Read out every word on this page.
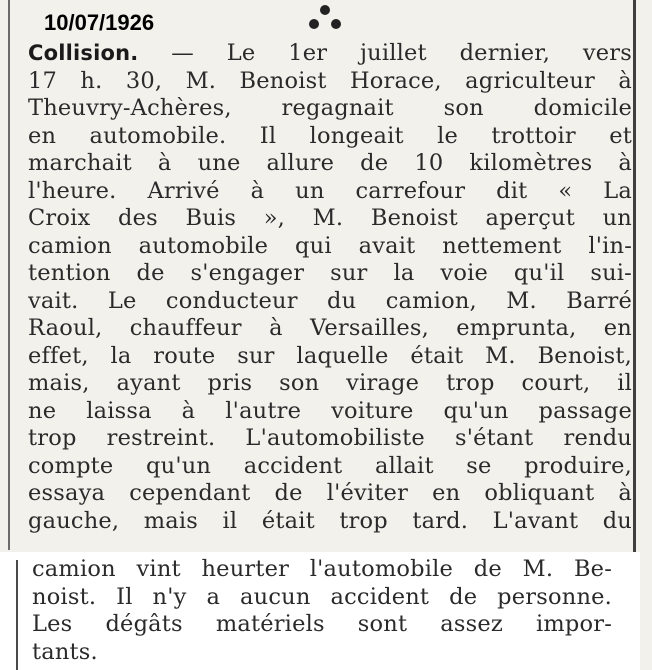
10/07/1926
Collision. — Le 1er juillet dernier, vers
17 h. 30, M. Benoist Horace, agriculteur à
Theuvry-Achères, regagnait son domicile
en automobile. Il longeait le trottoir et
marchait à une allure de 10 kilomètres à
l'heure. Arrivé à un carrefour dit « La
Croix des Buis », M. Benoist aperçut un
camion automobile qui avait nettement l'in-
tention de s'engager sur la voie qu'il sui-
vait. Le conducteur du camion, M. Barré
Raoul, chauffeur à Versailles, emprunta, en
effet, la route sur laquelle était M. Benoist,
mais, ayant pris son virage trop court, il
ne laissa à l'autre voiture qu'un passage
trop restreint. L'automobiliste s'étant rendu
compte qu'un accident allait se produire,
essaya cependant de l'éviter en obliquant à
gauche, mais il était trop tard. L'avant du
camion vint heurter l'automobile de M. Be-
noist. Il n'y a aucun accident de personne.
Les dégâts matériels sont assez impor-
tants.
